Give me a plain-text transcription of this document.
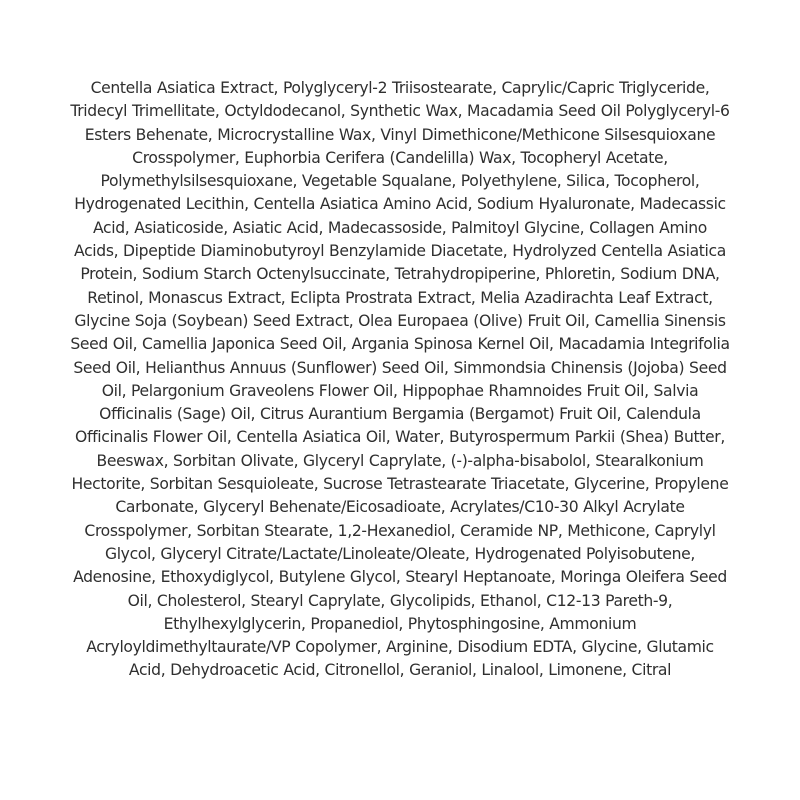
Centella Asiatica Extract, Polyglyceryl-2 Triisostearate, Caprylic/Capric Triglyceride, Tridecyl Trimellitate, Octyldodecanol, Synthetic Wax, Macadamia Seed Oil Polyglyceryl-6 Esters Behenate, Microcrystalline Wax, Vinyl Dimethicone/Methicone Silsesquioxane Crosspolymer, Euphorbia Cerifera (Candelilla) Wax, Tocopheryl Acetate, Polymethylsilsesquioxane, Vegetable Squalane, Polyethylene, Silica, Tocopherol, Hydrogenated Lecithin, Centella Asiatica Amino Acid, Sodium Hyaluronate, Madecassic Acid, Asiaticoside, Asiatic Acid, Madecassoside, Palmitoyl Glycine, Collagen Amino Acids, Dipeptide Diaminobutyroyl Benzylamide Diacetate, Hydrolyzed Centella Asiatica Protein, Sodium Starch Octenylsuccinate, Tetrahydropiperine, Phloretin, Sodium DNA, Retinol, Monascus Extract, Eclipta Prostrata Extract, Melia Azadirachta Leaf Extract, Glycine Soja (Soybean) Seed Extract, Olea Europaea (Olive) Fruit Oil, Camellia Sinensis Seed Oil, Camellia Japonica Seed Oil, Argania Spinosa Kernel Oil, Macadamia Integrifolia Seed Oil, Helianthus Annuus (Sunflower) Seed Oil, Simmondsia Chinensis (Jojoba) Seed Oil, Pelargonium Graveolens Flower Oil, Hippophae Rhamnoides Fruit Oil, Salvia Officinalis (Sage) Oil, Citrus Aurantium Bergamia (Bergamot) Fruit Oil, Calendula Officinalis Flower Oil, Centella Asiatica Oil, Water, Butyrospermum Parkii (Shea) Butter, Beeswax, Sorbitan Olivate, Glyceryl Caprylate, (-)-alpha-bisabolol, Stearalkonium Hectorite, Sorbitan Sesquioleate, Sucrose Tetrastearate Triacetate, Glycerine, Propylene Carbonate, Glyceryl Behenate/Eicosadioate, Acrylates/C10-30 Alkyl Acrylate Crosspolymer, Sorbitan Stearate, 1,2-Hexanediol, Ceramide NP, Methicone, Caprylyl Glycol, Glyceryl Citrate/Lactate/Linoleate/Oleate, Hydrogenated Polyisobutene, Adenosine, Ethoxydiglycol, Butylene Glycol, Stearyl Heptanoate, Moringa Oleifera Seed Oil, Cholesterol, Stearyl Caprylate, Glycolipids, Ethanol, C12-13 Pareth-9, Ethylhexylglycerin, Propanediol, Phytosphingosine, Ammonium Acryloyldimethyltaurate/VP Copolymer, Arginine, Disodium EDTA, Glycine, Glutamic Acid, Dehydroacetic Acid, Citronellol, Geraniol, Linalool, Limonene, Citral
